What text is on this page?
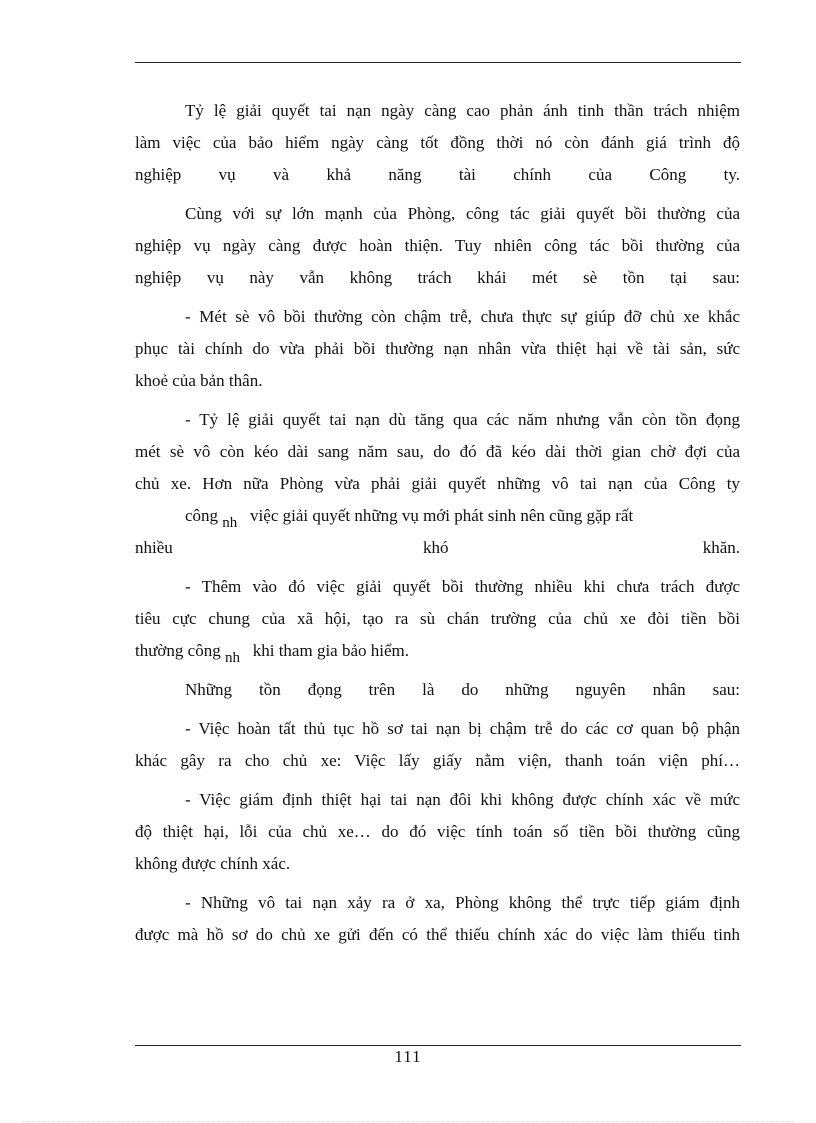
Tỷ lệ giải quyết tai nạn ngày càng cao phản ánh tinh thần trách nhiệm
làm việc của bảo hiểm ngày càng tốt đồng thời nó còn đánh giá trình độ
nghiệp vụ và khả năng tài chính của Công ty.
Cùng với sự lớn mạnh của Phòng, công tác giải quyết bồi thường của
nghiệp vụ ngày càng được hoàn thiện. Tuy nhiên công tác bồi thường của
nghiệp vụ này vẫn không trách khái mét sè tồn tại sau:
- Mét sè vô bồi thường còn chậm trễ, chưa thực sự giúp đỡ chủ xe khắc
phục tài chính do vừa phải bồi thường nạn nhân vừa thiệt hại về tài sản, sức
khoẻ của bản thân.
- Tỷ lệ giải quyết tai nạn dù tăng qua các năm nhưng vẫn còn tồn đọng
mét sè vô còn kéo dài sang năm sau, do đó đã kéo dài thời gian chờ đợi của
chủ xe. Hơn nữa Phòng vừa phải giải quyết những vô tai nạn của Công ty
công nh việc giải quyết những vụ mới phát sinh nên cũng gặp rất
nhiều	khó	khăn.
- Thêm vào đó việc giải quyết bồi thường nhiều khi chưa trách được
tiêu cực chung của xã hội, tạo ra sù chán trường của chủ xe đòi tiền bồi
thường công nh khi tham gia bảo hiểm.
Những tồn đọng trên là do những nguyên nhân sau:
- Việc hoàn tất thủ tục hồ sơ tai nạn bị chậm trễ do các cơ quan bộ phận
khác gây ra cho chủ xe: Việc lấy giấy nằm viện, thanh toán viện phí…
- Việc giám định thiệt hại tai nạn đôi khi không được chính xác về mức
độ thiệt hại, lỗi của chủ xe… do đó việc tính toán số tiền bồi thường cũng
không được chính xác.
- Những vô tai nạn xảy ra ở xa, Phòng không thể trực tiếp giám định
được mà hồ sơ do chủ xe gửi đến có thể thiếu chính xác do việc làm thiếu tinh
111
